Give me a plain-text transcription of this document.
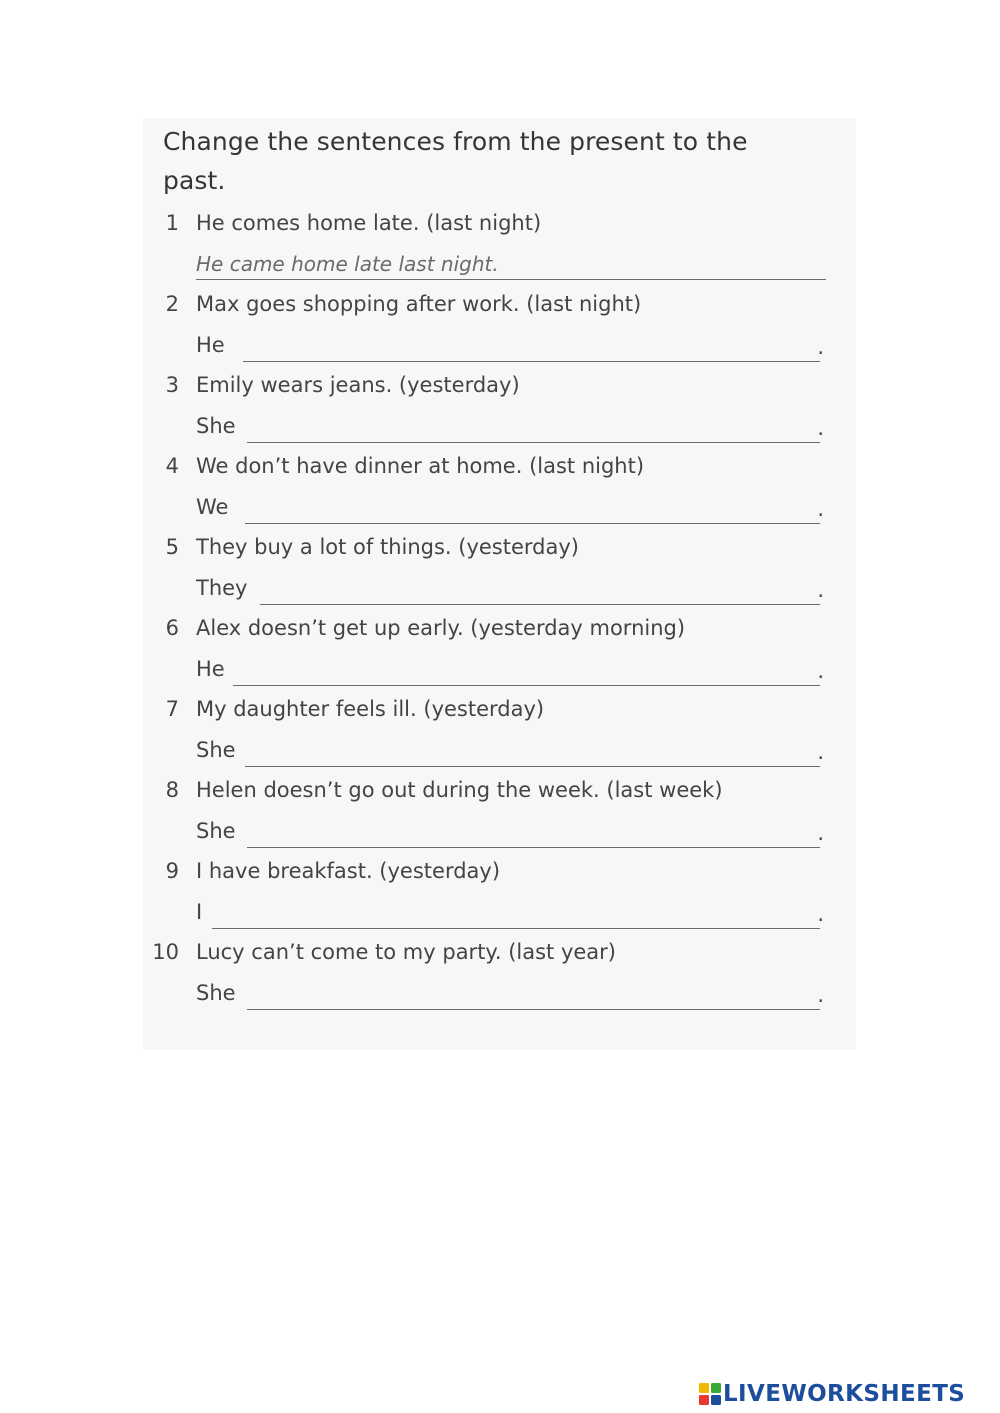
Change the sentences from the present to the past.
1 He comes home late. (last night)
He came home late last night.
2 Max goes shopping after work. (last night)
He	.
3 Emily wears jeans. (yesterday)
She	.
4 We don’t have dinner at home. (last night)
We	.
5 They buy a lot of things. (yesterday)
They	.
6 Alex doesn’t get up early. (yesterday morning)
He	.
7 My daughter feels ill. (yesterday)
She	.
8 Helen doesn’t go out during the week. (last week)
She	.
9 I have breakfast. (yesterday)
I	.
10 Lucy can’t come to my party. (last year)
She	.
LIVEWORKSHEETS
